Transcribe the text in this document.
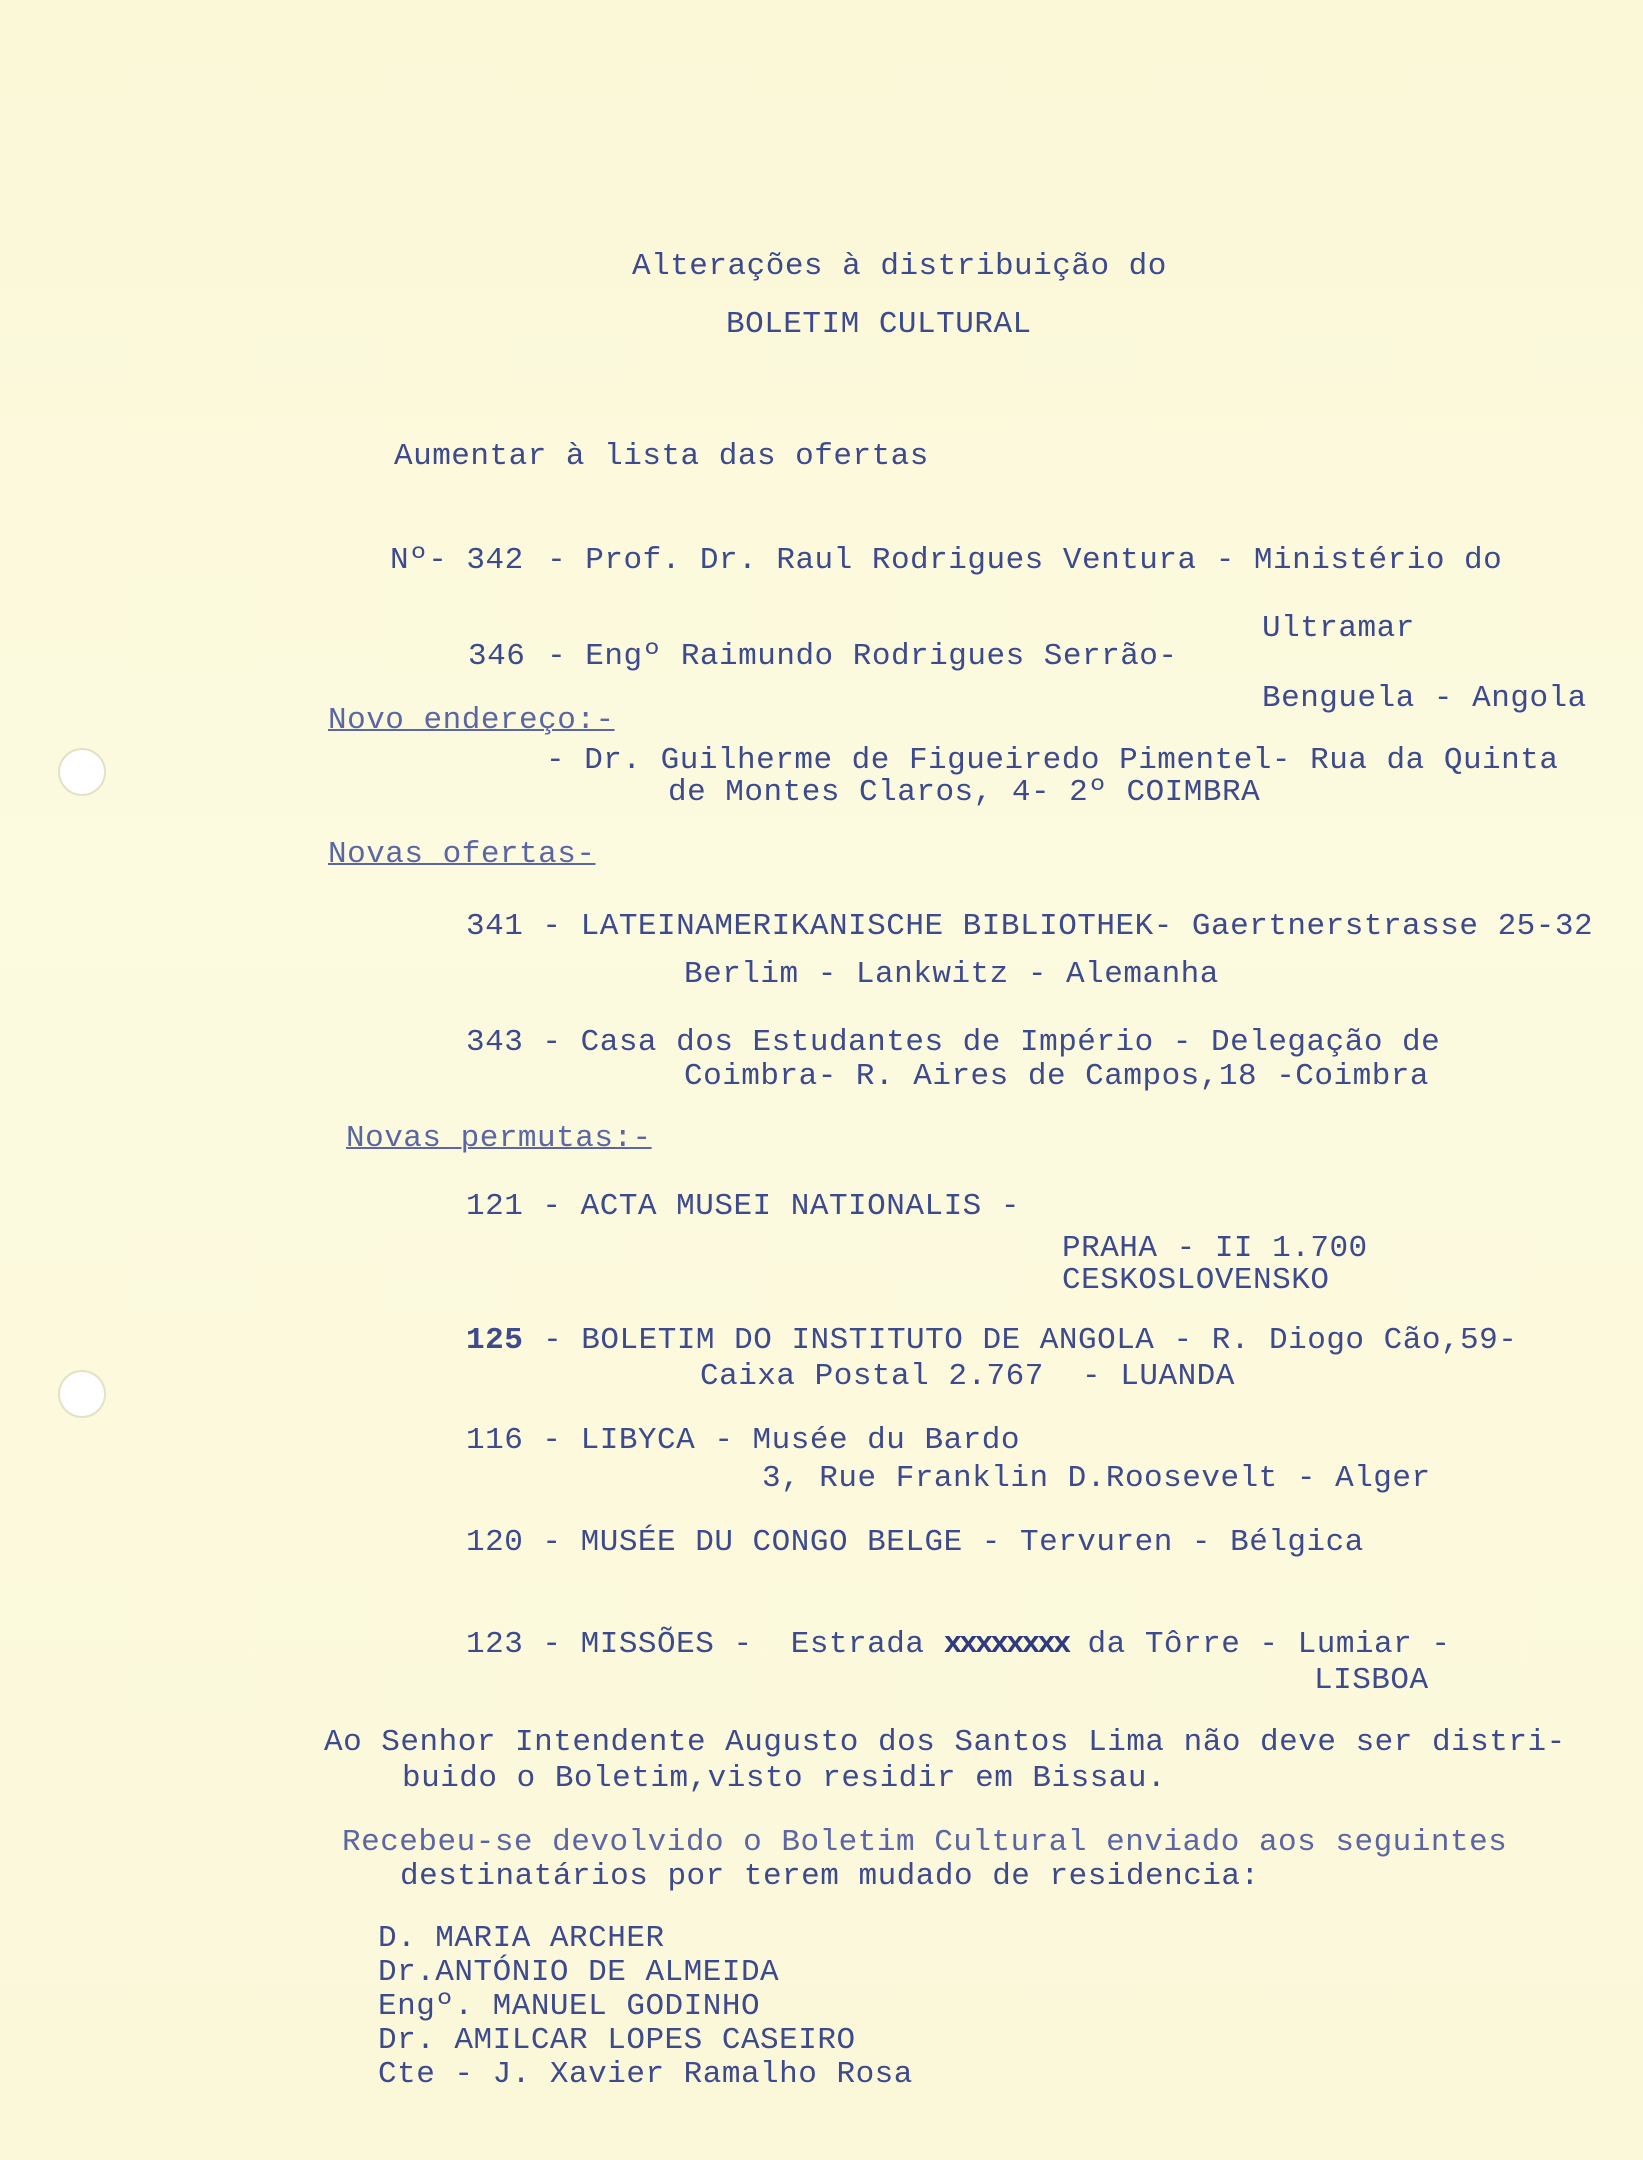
Alterações à distribuição do
BOLETIM CULTURAL
Aumentar à lista das ofertas
Nº- 342 - Prof. Dr. Raul Rodrigues Ventura - Ministério do
Ultramar
346 - Engº Raimundo Rodrigues Serrão-
Benguela - Angola
Novo endereço:-
- Dr. Guilherme de Figueiredo Pimentel- Rua da Quinta
de Montes Claros, 4- 2º COIMBRA
Novas ofertas-
341 - LATEINAMERIKANISCHE BIBLIOTHEK- Gaertnerstrasse 25-32
Berlim - Lankwitz - Alemanha
343 - Casa dos Estudantes de Império - Delegação de
Coimbra- R. Aires de Campos,18 -Coimbra
Novas permutas:-
121 - ACTA MUSEI NATIONALIS -
PRAHA - II 1.700
CESKOSLOVENSKO
125 - BOLETIM DO INSTITUTO DE ANGOLA - R. Diogo Cão,59-
Caixa Postal 2.767  - LUANDA
116 - LIBYCA - Musée du Bardo
3, Rue Franklin D.Roosevelt - Alger
120 - MUSÉE DU CONGO BELGE - Tervuren - Bélgica
123 - MISSÕES -  Estrada xxxxxxxx da Tôrre - Lumiar -
LISBOA
Ao Senhor Intendente Augusto dos Santos Lima não deve ser distri-
buido o Boletim,visto residir em Bissau.
Recebeu-se devolvido o Boletim Cultural enviado aos seguintes
destinatários por terem mudado de residencia:
D. MARIA ARCHER
Dr.ANTÓNIO DE ALMEIDA
Engº. MANUEL GODINHO
Dr. AMILCAR LOPES CASEIRO
Cte - J. Xavier Ramalho Rosa
